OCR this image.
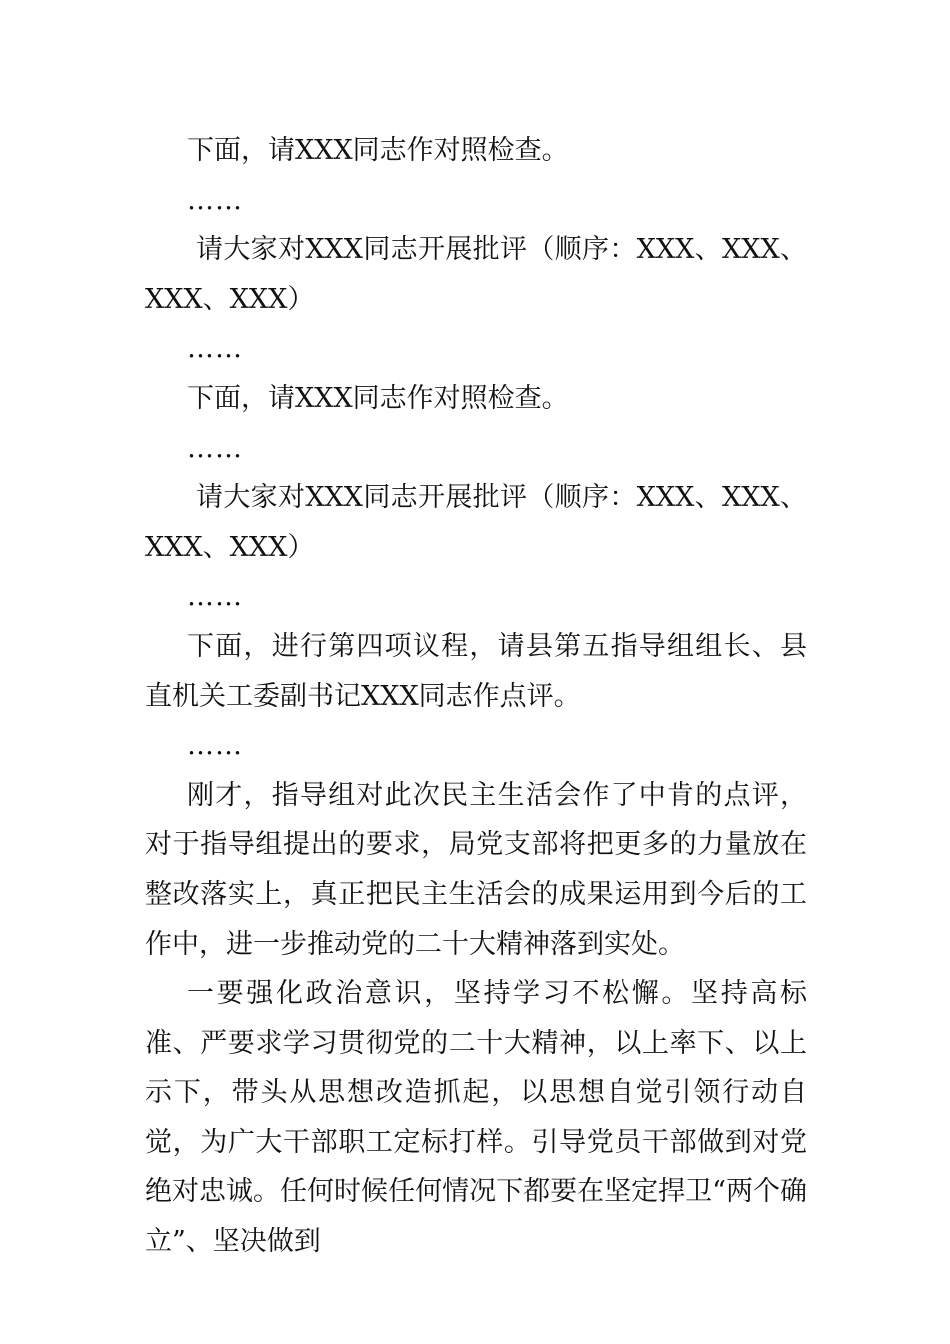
下面，请XXX同志作对照检查。

……

请大家对XXX同志开展批评（顺序：XXX、XXX、XXX、XXX）

……

下面，请XXX同志作对照检查。

……

请大家对XXX同志开展批评（顺序：XXX、XXX、XXX、XXX）

……

下面，进行第四项议程，请县第五指导组组长、县直机关工委副书记XXX同志作点评。

……

刚才，指导组对此次民主生活会作了中肯的点评，对于指导组提出的要求，局党支部将把更多的力量放在整改落实上，真正把民主生活会的成果运用到今后的工作中，进一步推动党的二十大精神落到实处。

一要强化政治意识，坚持学习不松懈。坚持高标准、严要求学习贯彻党的二十大精神，以上率下、以上示下，带头从思想改造抓起，以思想自觉引领行动自觉，为广大干部职工定标打样。引导党员干部做到对党绝对忠诚。任何时候任何情况下都要在坚定捍卫“两个确立”、坚决做到
